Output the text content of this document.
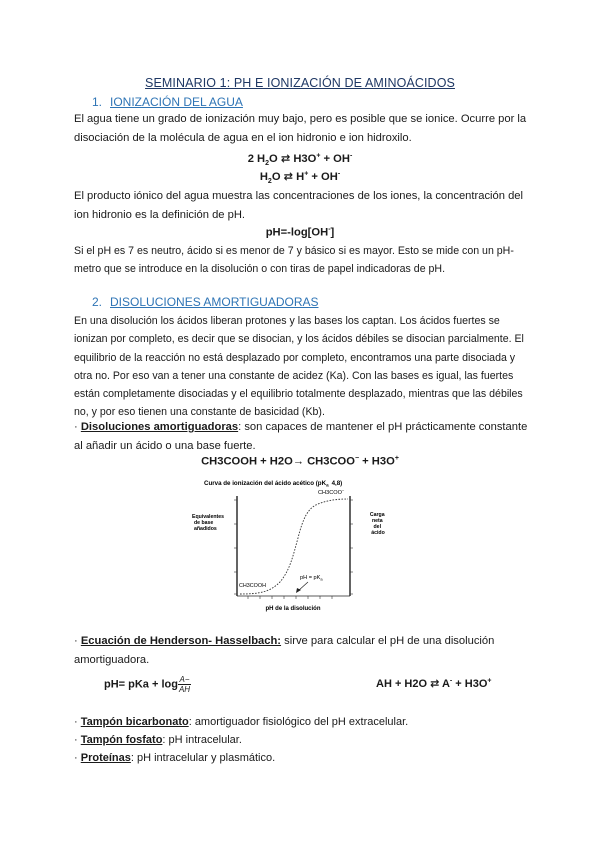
SEMINARIO 1: PH E IONIZACIÓN DE AMINOÁCIDOS
1. IONIZACIÓN DEL AGUA
El agua tiene un grado de ionización muy bajo, pero es posible que se ionice. Ocurre por la disociación de la molécula de agua en el ion hidronio e ion hidroxilo.
2 $H_2O$ ⇄ H3O+ + OH-
$H_2O$ ⇄ H+ + OH-
El producto iónico del agua muestra las concentraciones de los iones, la concentración del ion hidronio es la definición de pH.
pH=-log[OH-]
Si el pH es 7 es neutro, ácido si es menor de 7 y básico si es mayor. Esto se mide con un pH-metro que se introduce en la disolución o con tiras de papel indicadoras de pH.
2. DISOLUCIONES AMORTIGUADORAS
En una disolución los ácidos liberan protones y las bases los captan. Los ácidos fuertes se ionizan por completo, es decir que se disocian, y los ácidos débiles se disocian parcialmente. El equilibrio de la reacción no está desplazado por completo, encontramos una parte disociada y otra no. Por eso van a tener una constante de acidez (Ka). Con las bases es igual, las fuertes están completamente disociadas y el equilibrio totalmente desplazado, mientras que las débiles no, y por eso tienen una constante de basicidad (Kb).
· Disoluciones amortiguadoras: son capaces de mantener el pH prácticamente constante al añadir un ácido o una base fuerte.
CH3COOH + H2O→ CH3COO− + H3O+
Curva de ionización del ácido acético ($pK_a$ 4,8)
Equivalentes de base añadidos
Carga neta del ácido
CH3COO−
CH3COOH
pH = $pK_a$
pH de la disolución
· Ecuación de Henderson- Hasselbach: sirve para calcular el pH de una disolución amortiguadora.
pH= pKa + $\log \frac{A-}{AH}$	AH + H2O ⇄ A- + H3O+
· Tampón bicarbonato: amortiguador fisiológico del pH extracelular.
· Tampón fosfato: pH intracelular.
· Proteínas: pH intracelular y plasmático.
